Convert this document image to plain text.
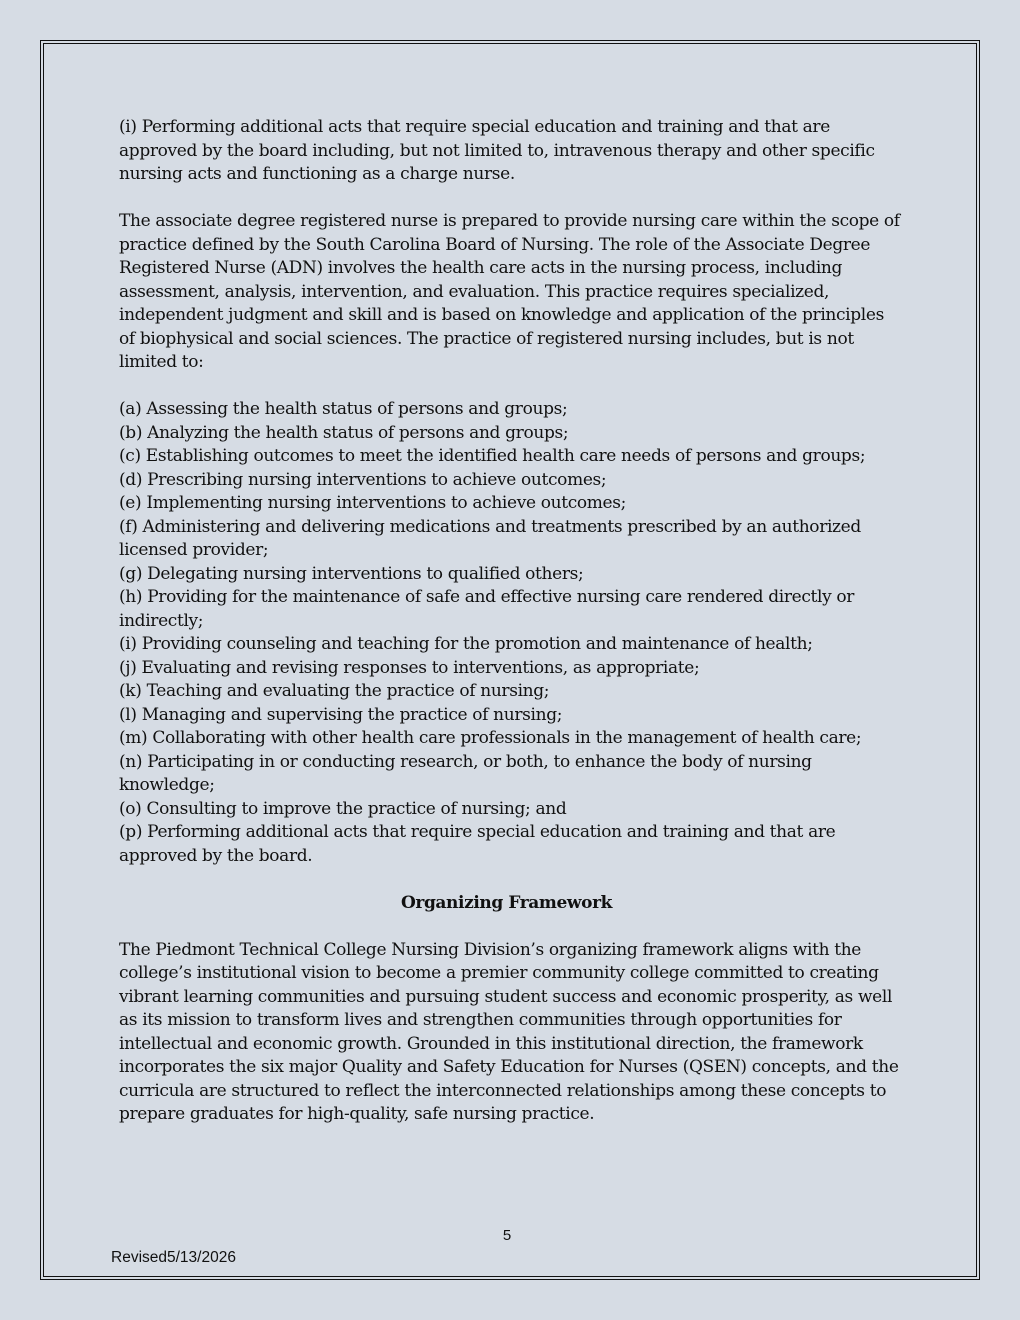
(i) Performing additional acts that require special education and training and that are approved by the board including, but not limited to, intravenous therapy and other specific nursing acts and functioning as a charge nurse.

The associate degree registered nurse is prepared to provide nursing care within the scope of practice defined by the South Carolina Board of Nursing. The role of the Associate Degree Registered Nurse (ADN) involves the health care acts in the nursing process, including assessment, analysis, intervention, and evaluation. This practice requires specialized, independent judgment and skill and is based on knowledge and application of the principles of biophysical and social sciences. The practice of registered nursing includes, but is not limited to:

(a) Assessing the health status of persons and groups;

(b) Analyzing the health status of persons and groups;

(c) Establishing outcomes to meet the identified health care needs of persons and groups;

(d) Prescribing nursing interventions to achieve outcomes;

(e) Implementing nursing interventions to achieve outcomes;

(f) Administering and delivering medications and treatments prescribed by an authorized licensed provider;

(g) Delegating nursing interventions to qualified others;

(h) Providing for the maintenance of safe and effective nursing care rendered directly or indirectly;

(i) Providing counseling and teaching for the promotion and maintenance of health;

(j) Evaluating and revising responses to interventions, as appropriate;

(k) Teaching and evaluating the practice of nursing;

(l) Managing and supervising the practice of nursing;

(m) Collaborating with other health care professionals in the management of health care;

(n) Participating in or conducting research, or both, to enhance the body of nursing knowledge;

(o) Consulting to improve the practice of nursing; and

(p) Performing additional acts that require special education and training and that are approved by the board.

Organizing Framework

The Piedmont Technical College Nursing Division’s organizing framework aligns with the college’s institutional vision to become a premier community college committed to creating vibrant learning communities and pursuing student success and economic prosperity, as well as its mission to transform lives and strengthen communities through opportunities for intellectual and economic growth. Grounded in this institutional direction, the framework incorporates the six major Quality and Safety Education for Nurses (QSEN) concepts, and the curricula are structured to reflect the interconnected relationships among these concepts to prepare graduates for high-quality, safe nursing practice.

5
Revised5/13/2026
